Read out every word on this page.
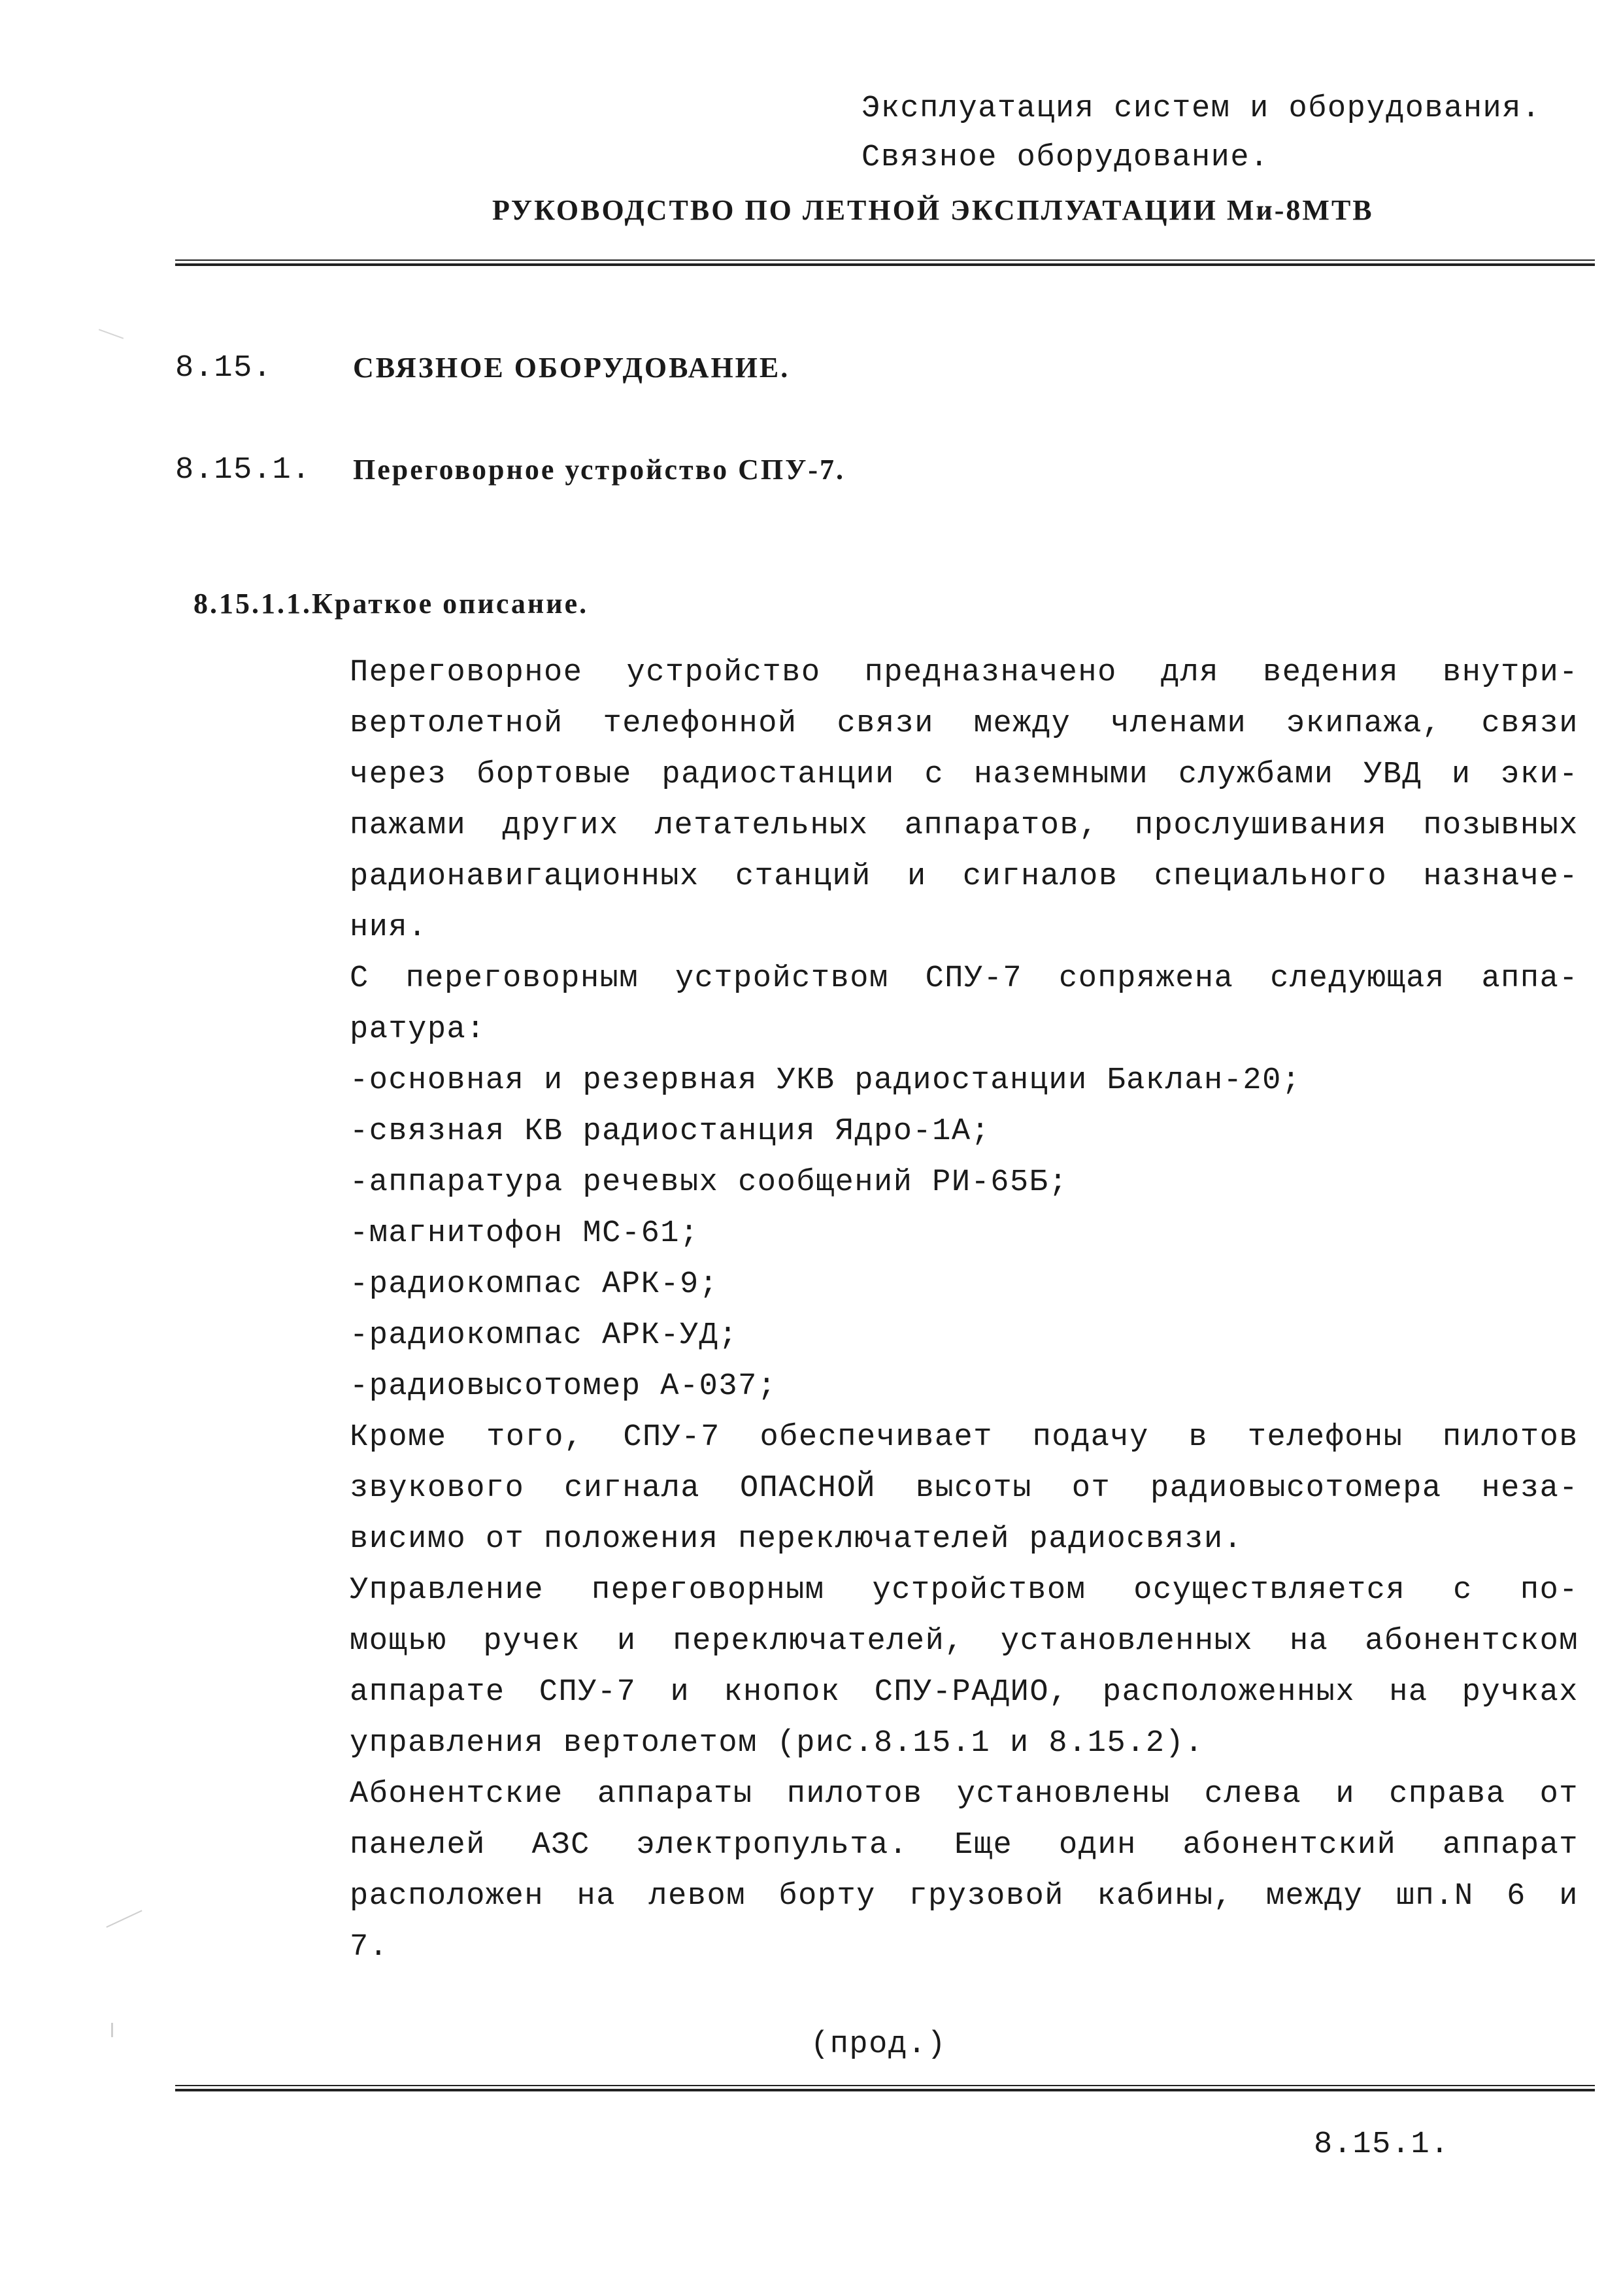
Эксплуатация систем и оборудования.
Связное оборудование.
РУКОВОДСТВО ПО ЛЕТНОЙ ЭКСПЛУАТАЦИИ Ми-8МТВ
8.15.	СВЯЗНОЕ ОБОРУДОВАНИЕ.
8.15.1. Переговорное устройство СПУ-7.

8.15.1.1.Краткое описание.

Переговорное устройство предназначено для ведения внутри-
вертолетной телефонной связи между членами экипажа, связи
через бортовые радиостанции с наземными службами УВД и эки-
пажами других летательных аппаратов, прослушивания позывных
радионавигационных станций и сигналов специального назначе-
ния.
С переговорным устройством СПУ-7 сопряжена следующая аппа-
ратура:
-основная и резервная УКВ радиостанции Баклан-20;
-связная КВ радиостанция Ядро-1А;
-аппаратура речевых сообщений РИ-65Б;
-магнитофон МС-61;
-радиокомпас АРК-9;
-радиокомпас АРК-УД;
-радиовысотомер А-037;
Кроме того, СПУ-7 обеспечивает подачу в телефоны пилотов
звукового сигнала ОПАСНОЙ высоты от радиовысотомера неза-
висимо от положения переключателей радиосвязи.
Управление переговорным устройством осуществляется с по-
мощью ручек и переключателей, установленных на абонентском
аппарате СПУ-7 и кнопок СПУ-РАДИО, расположенных на ручках
управления вертолетом (рис.8.15.1 и 8.15.2).
Абонентские аппараты пилотов установлены слева и справа от
панелей АЗС электропульта. Еще один абонентский аппарат
расположен на левом борту грузовой кабины, между шп.N 6 и
7.
(прод.)
8.15.1.
